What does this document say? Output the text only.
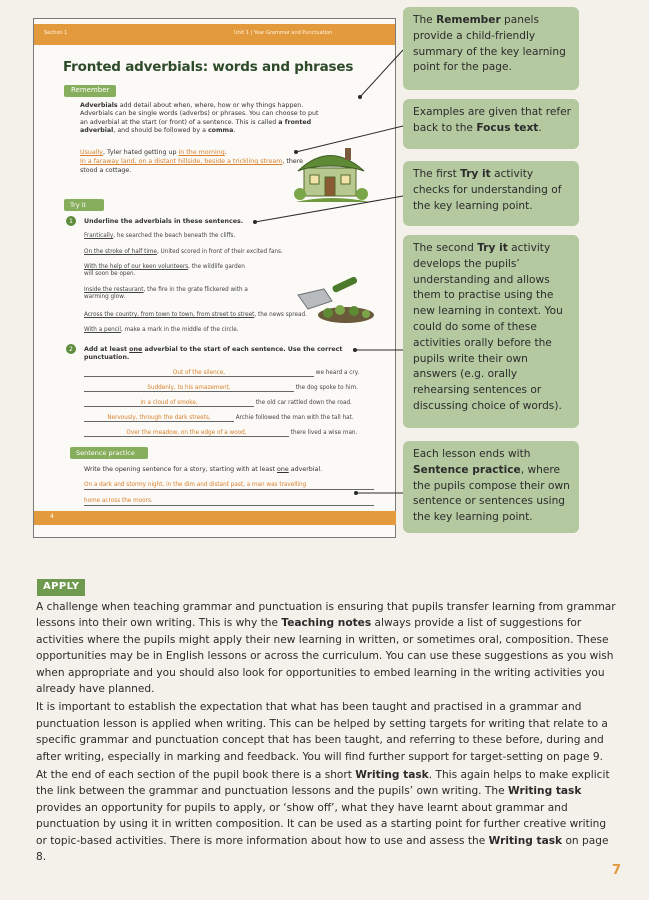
Section 1	Unit 1 | Year Grammar and Punctuation
Fronted adverbials: words and phrases
Remember
Adverbials add detail about when, where, how or why things happen. Adverbials can be single words (adverbs) or phrases. You can choose to put an adverbial at the start (or front) of a sentence. This is called a fronted adverbial, and should be followed by a comma.
Usually, Tyler hated getting up in the morning.
In a faraway land, on a distant hillside, beside a trickling stream, there stood a cottage.
Try it
1	Underline the adverbials in these sentences.
Frantically, he searched the beach beneath the cliffs.
On the stroke of half time, United scored in front of their excited fans.
With the help of our keen volunteers, the wildlife garden will soon be open.
Inside the restaurant, the fire in the grate flickered with a warming glow.
Across the country, from town to town, from street to street, the news spread.
With a pencil, make a mark in the middle of the circle.
2	Add at least one adverbial to the start of each sentence. Use the correct punctuation.
Out of the silence,	we heard a cry.
Suddenly, to his amazement,	the dog spoke to him.
In a cloud of smoke,	the old car rattled down the road.
Nervously, through the dark streets,	Archie followed the man with the tall hat.
Over the meadow, on the edge of a wood,	there lived a wise man.
Sentence practice
Write the opening sentence for a story, starting with at least one adverbial.
On a dark and stormy night, in the dim and distant past, a man was travelling
home across the moors.
4
The Remember panels provide a child-friendly summary of the key learning point for the page.
Examples are given that refer back to the Focus text.
The first Try it activity checks for understanding of the key learning point.
The second Try it activity develops the pupils’ understanding and allows them to practise using the new learning in context. You could do some of these activities orally before the pupils write their own answers (e.g. orally rehearsing sentences or discussing choice of words).
Each lesson ends with Sentence practice, where the pupils compose their own sentence or sentences using the key learning point.
APPLY

A challenge when teaching grammar and punctuation is ensuring that pupils transfer learning from grammar lessons into their own writing. This is why the Teaching notes always provide a list of suggestions for activities where the pupils might apply their new learning in written, or sometimes oral, composition. These opportunities may be in English lessons or across the curriculum. You can use these suggestions as you wish when appropriate and you should also look for opportunities to embed learning in the writing activities you already have planned.

It is important to establish the expectation that what has been taught and practised in a grammar and punctuation lesson is applied when writing. This can be helped by setting targets for writing that relate to a specific grammar and punctuation concept that has been taught, and referring to these before, during and after writing, especially in marking and feedback. You will find further support for target-setting on page 9.

At the end of each section of the pupil book there is a short Writing task. This again helps to make explicit the link between the grammar and punctuation lessons and the pupils’ own writing. The Writing task provides an opportunity for pupils to apply, or ‘show off’, what they have learnt about grammar and punctuation by using it in written composition. It can be used as a starting point for further creative writing or topic-based activities. There is more information about how to use and assess the Writing task on page 8.

7
